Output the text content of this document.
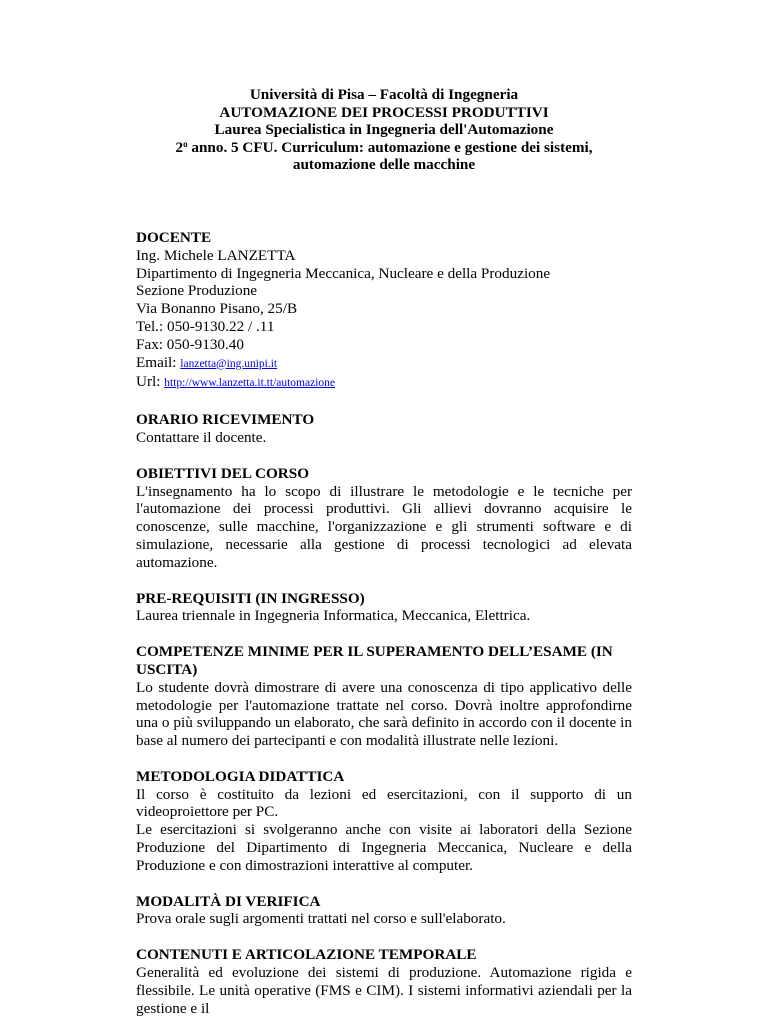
Università di Pisa – Facoltà di Ingegneria
AUTOMAZIONE DEI PROCESSI PRODUTTIVI
Laurea Specialistica in Ingegneria dell'Automazione
2$^o$ anno. 5 CFU. Curriculum: automazione e gestione dei sistemi,
automazione delle macchine
DOCENTE
Ing. Michele LANZETTA
Dipartimento di Ingegneria Meccanica, Nucleare e della Produzione
Sezione Produzione
Via Bonanno Pisano, 25/B
Tel.: 050-9130.22 / .11
Fax: 050-9130.40
Email: lanzetta@ing.unipi.it
Url: http://www.lanzetta.it.tt/automazione
ORARIO RICEVIMENTO
Contattare il docente.
OBIETTIVI DEL CORSO
L'insegnamento ha lo scopo di illustrare le metodologie e le tecniche per l'automazione dei processi produttivi. Gli allievi dovranno acquisire le conoscenze, sulle macchine, l'organizzazione e gli strumenti software e di simulazione, necessarie alla gestione di processi tecnologici ad elevata automazione.
PRE-REQUISITI (IN INGRESSO)
Laurea triennale in Ingegneria Informatica, Meccanica, Elettrica.
COMPETENZE MINIME PER IL SUPERAMENTO DELL’ESAME (IN
USCITA)
Lo studente dovrà dimostrare di avere una conoscenza di tipo applicativo delle metodologie per l'automazione trattate nel corso. Dovrà inoltre approfondirne una o più sviluppando un elaborato, che sarà definito in accordo con il docente in base al numero dei partecipanti e con modalità illustrate nelle lezioni.
METODOLOGIA DIDATTICA
Il corso è costituito da lezioni ed esercitazioni, con il supporto di un videoproiettore per PC.
Le esercitazioni si svolgeranno anche con visite ai laboratori della Sezione Produzione del Dipartimento di Ingegneria Meccanica, Nucleare e della Produzione e con dimostrazioni interattive al computer.
MODALITÀ DI VERIFICA
Prova orale sugli argomenti trattati nel corso e sull'elaborato.
CONTENUTI E ARTICOLAZIONE TEMPORALE
Generalità ed evoluzione dei sistemi di produzione. Automazione rigida e flessibile. Le unità operative (FMS e CIM). I sistemi informativi aziendali per la gestione e il
